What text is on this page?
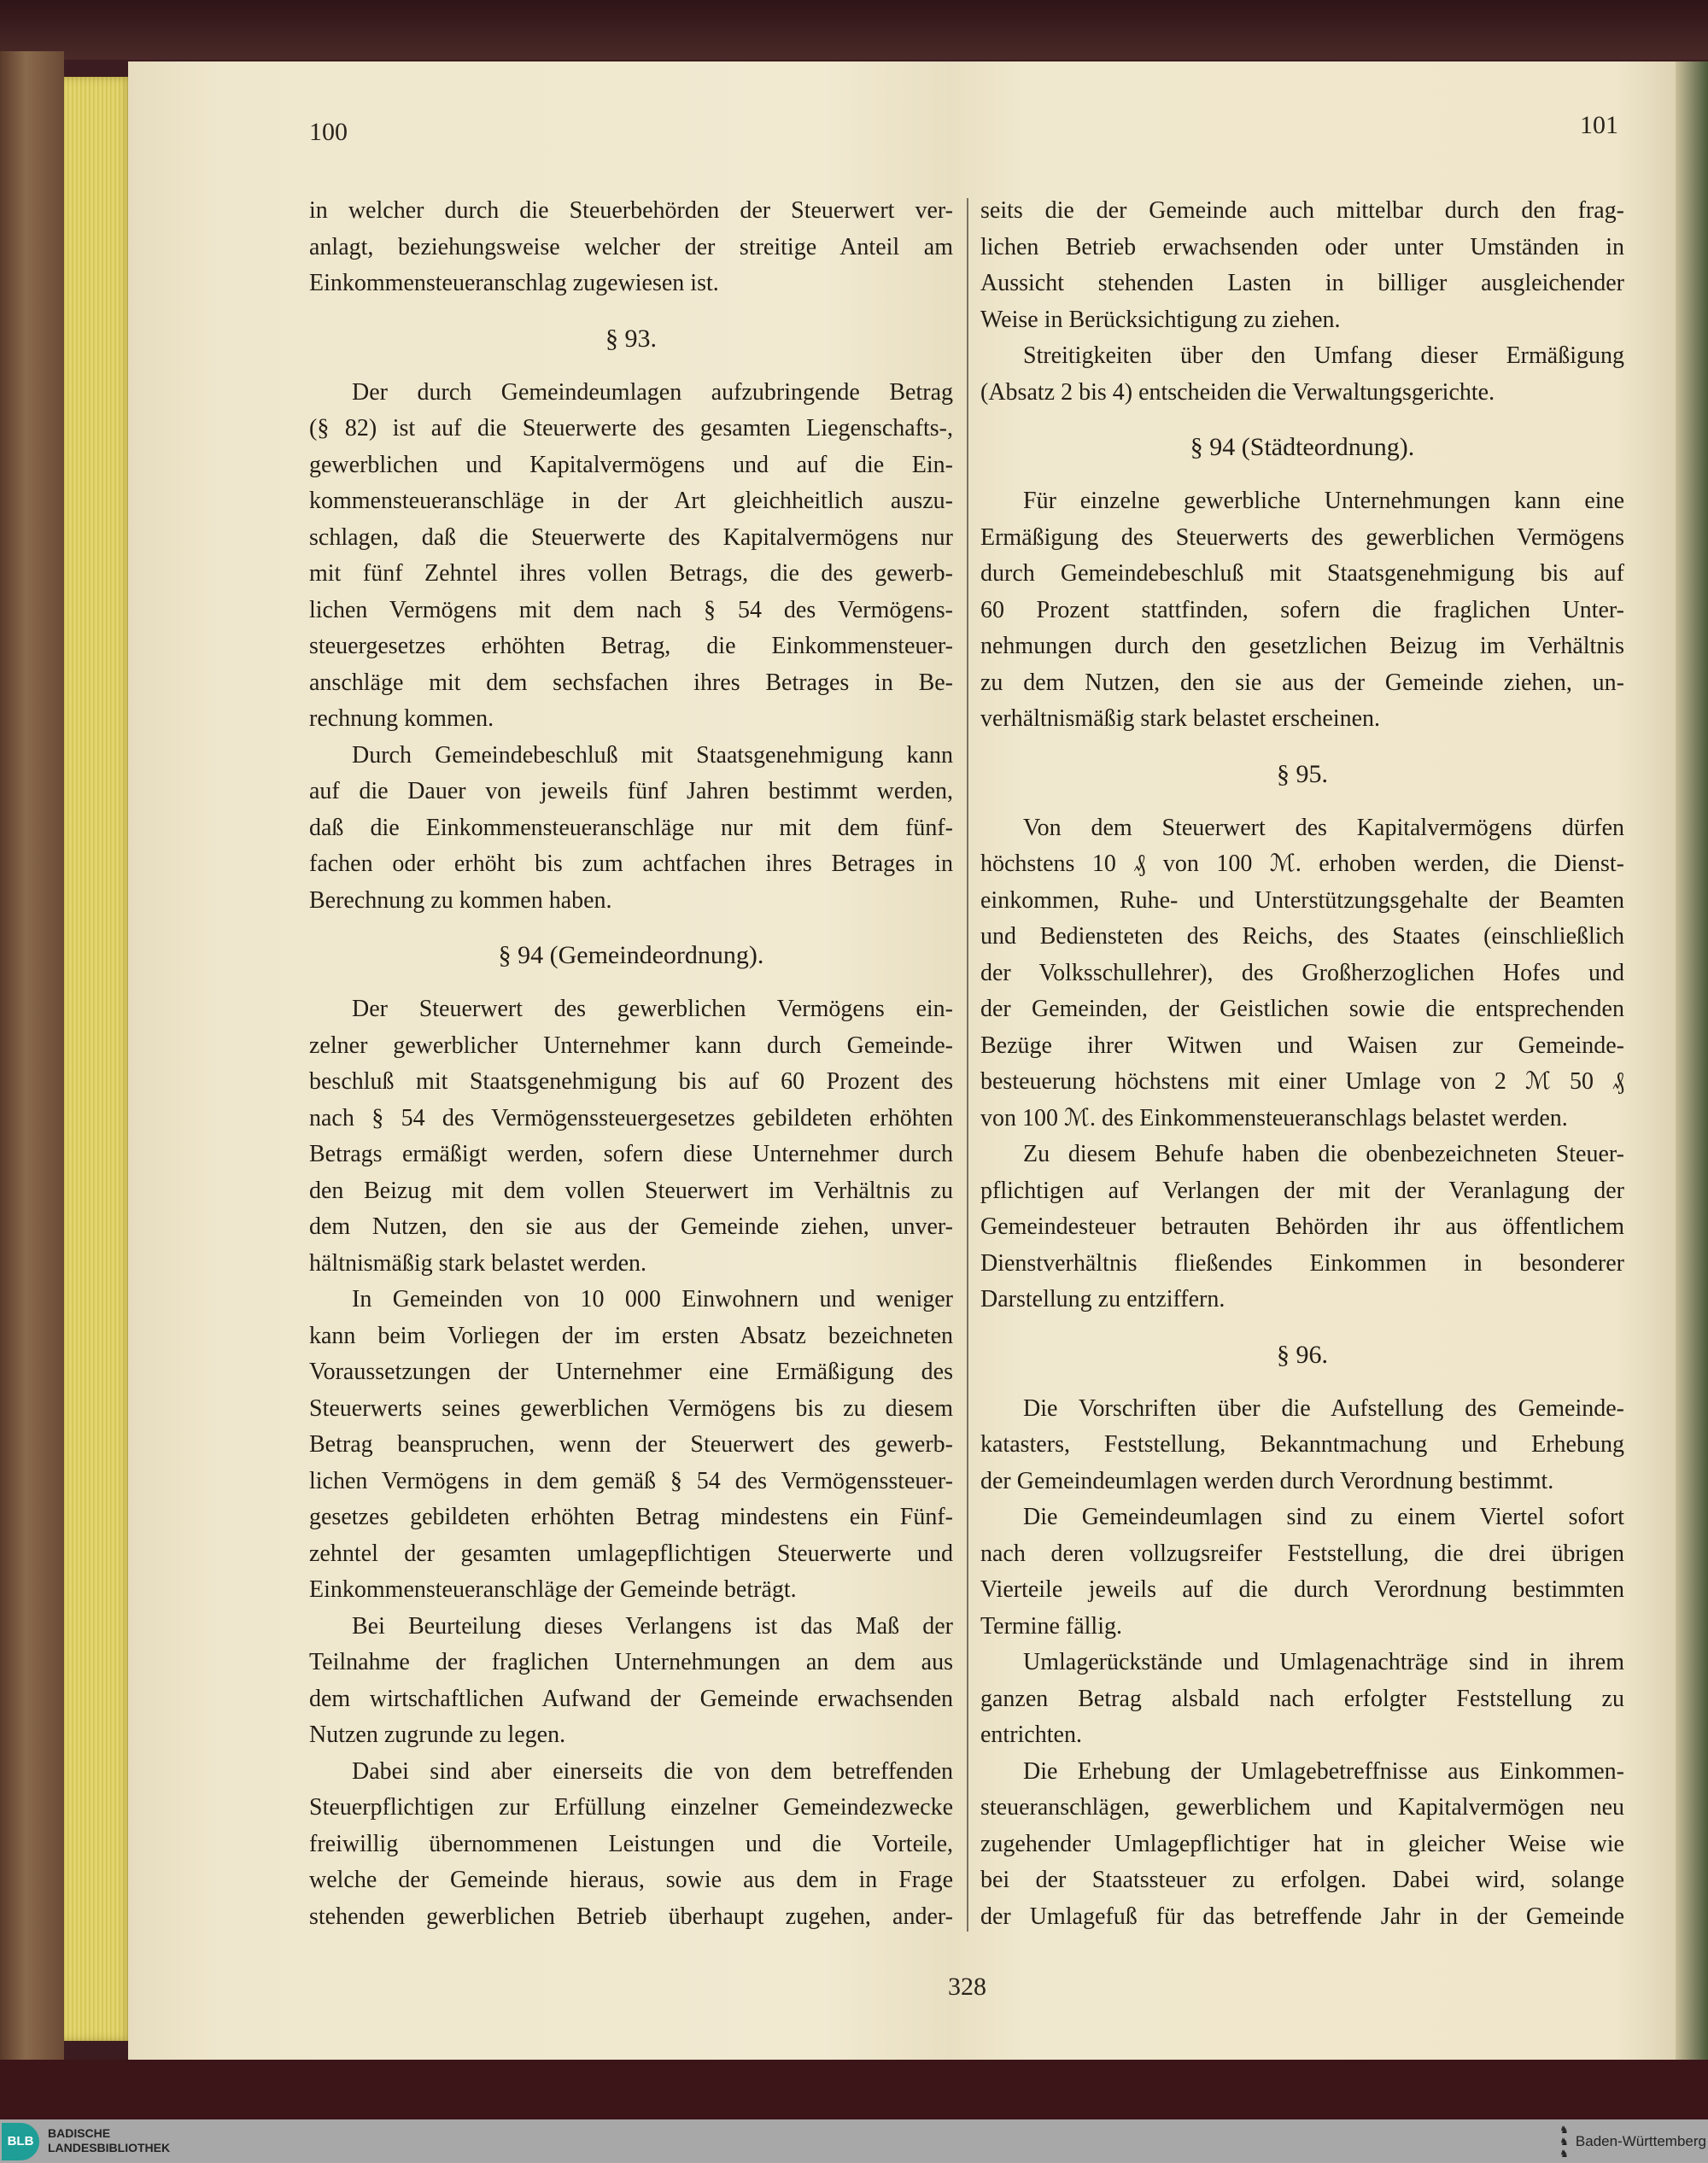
100	101
328
in welcher durch die Steuerbehörden der Steuerwert ver-
anlagt, beziehungsweise welcher der streitige Anteil am
Einkommensteueranschlag zugewiesen ist.
§ 93.
Der durch Gemeindeumlagen aufzubringende Betrag
(§ 82) ist auf die Steuerwerte des gesamten Liegenschafts-,
gewerblichen und Kapitalvermögens und auf die Ein-
kommensteueranschläge in der Art gleichheitlich auszu-
schlagen, daß die Steuerwerte des Kapitalvermögens nur
mit fünf Zehntel ihres vollen Betrags, die des gewerb-
lichen Vermögens mit dem nach § 54 des Vermögens-
steuergesetzes erhöhten Betrag, die Einkommensteuer-
anschläge mit dem sechsfachen ihres Betrages in Be-
rechnung kommen.
Durch Gemeindebeschluß mit Staatsgenehmigung kann
auf die Dauer von jeweils fünf Jahren bestimmt werden,
daß die Einkommensteueranschläge nur mit dem fünf-
fachen oder erhöht bis zum achtfachen ihres Betrages in
Berechnung zu kommen haben.
§ 94 (Gemeindeordnung).
Der Steuerwert des gewerblichen Vermögens ein-
zelner gewerblicher Unternehmer kann durch Gemeinde-
beschluß mit Staatsgenehmigung bis auf 60 Prozent des
nach § 54 des Vermögenssteuergesetzes gebildeten erhöhten
Betrags ermäßigt werden, sofern diese Unternehmer durch
den Beizug mit dem vollen Steuerwert im Verhältnis zu
dem Nutzen, den sie aus der Gemeinde ziehen, unver-
hältnismäßig stark belastet werden.
In Gemeinden von 10 000 Einwohnern und weniger
kann beim Vorliegen der im ersten Absatz bezeichneten
Voraussetzungen der Unternehmer eine Ermäßigung des
Steuerwerts seines gewerblichen Vermögens bis zu diesem
Betrag beanspruchen, wenn der Steuerwert des gewerb-
lichen Vermögens in dem gemäß § 54 des Vermögenssteuer-
gesetzes gebildeten erhöhten Betrag mindestens ein Fünf-
zehntel der gesamten umlagepflichtigen Steuerwerte und
Einkommensteueranschläge der Gemeinde beträgt.
Bei Beurteilung dieses Verlangens ist das Maß der
Teilnahme der fraglichen Unternehmungen an dem aus
dem wirtschaftlichen Aufwand der Gemeinde erwachsenden
Nutzen zugrunde zu legen.
Dabei sind aber einerseits die von dem betreffenden
Steuerpflichtigen zur Erfüllung einzelner Gemeindezwecke
freiwillig übernommenen Leistungen und die Vorteile,
welche der Gemeinde hieraus, sowie aus dem in Frage
stehenden gewerblichen Betrieb überhaupt zugehen, ander-
seits die der Gemeinde auch mittelbar durch den frag-
lichen Betrieb erwachsenden oder unter Umständen in
Aussicht stehenden Lasten in billiger ausgleichender
Weise in Berücksichtigung zu ziehen.
Streitigkeiten über den Umfang dieser Ermäßigung
(Absatz 2 bis 4) entscheiden die Verwaltungsgerichte.
§ 94 (Städteordnung).
Für einzelne gewerbliche Unternehmungen kann eine
Ermäßigung des Steuerwerts des gewerblichen Vermögens
durch Gemeindebeschluß mit Staatsgenehmigung bis auf
60 Prozent stattfinden, sofern die fraglichen Unter-
nehmungen durch den gesetzlichen Beizug im Verhältnis
zu dem Nutzen, den sie aus der Gemeinde ziehen, un-
verhältnismäßig stark belastet erscheinen.
§ 95.
Von dem Steuerwert des Kapitalvermögens dürfen
höchstens 10 ₰ von 100 ℳ. erhoben werden, die Dienst-
einkommen, Ruhe- und Unterstützungsgehalte der Beamten
und Bediensteten des Reichs, des Staates (einschließlich
der Volksschullehrer), des Großherzoglichen Hofes und
der Gemeinden, der Geistlichen sowie die entsprechenden
Bezüge ihrer Witwen und Waisen zur Gemeinde-
besteuerung höchstens mit einer Umlage von 2 ℳ 50 ₰
von 100 ℳ. des Einkommensteueranschlags belastet werden.
Zu diesem Behufe haben die obenbezeichneten Steuer-
pflichtigen auf Verlangen der mit der Veranlagung der
Gemeindesteuer betrauten Behörden ihr aus öffentlichem
Dienstverhältnis fließendes Einkommen in besonderer
Darstellung zu entziffern.
§ 96.
Die Vorschriften über die Aufstellung des Gemeinde-
katasters, Feststellung, Bekanntmachung und Erhebung
der Gemeindeumlagen werden durch Verordnung bestimmt.
Die Gemeindeumlagen sind zu einem Viertel sofort
nach deren vollzugsreifer Feststellung, die drei übrigen
Vierteile jeweils auf die durch Verordnung bestimmten
Termine fällig.
Umlagerückstände und Umlagenachträge sind in ihrem
ganzen Betrag alsbald nach erfolgter Feststellung zu
entrichten.
Die Erhebung der Umlagebetreffnisse aus Einkommen-
steueranschlägen, gewerblichem und Kapitalvermögen neu
zugehender Umlagepflichtiger hat in gleicher Weise wie
bei der Staatssteuer zu erfolgen. Dabei wird, solange
der Umlagefuß für das betreffende Jahr in der Gemeinde
BLB
BADISCHE
LANDESBIBLIOTHEK
♞
♞
♞
Baden-Württemberg
